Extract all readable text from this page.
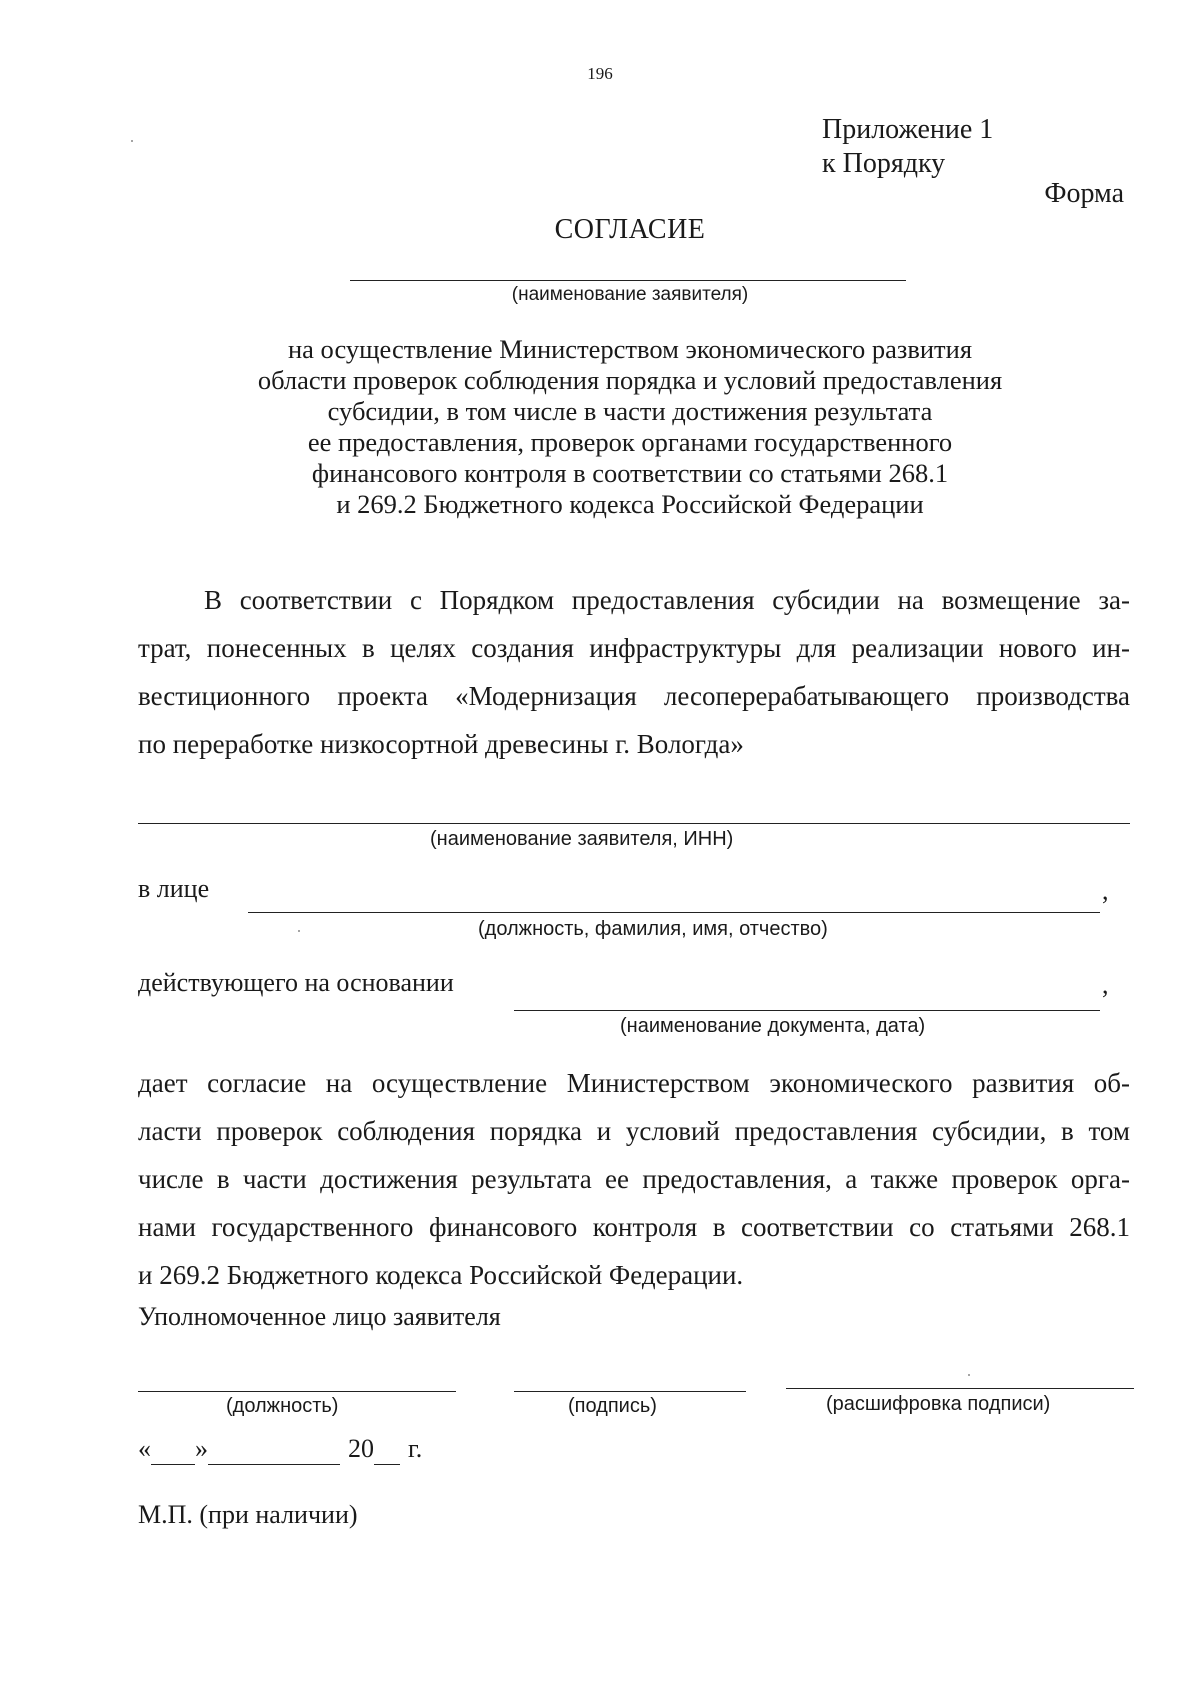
196
Приложение 1
к Порядку
Форма
СОГЛАСИЕ
(наименование заявителя)
на осуществление Министерством экономического развития
области проверок соблюдения порядка и условий предоставления
субсидии, в том числе в части достижения результата
ее предоставления, проверок органами государственного
финансового контроля в соответствии со статьями 268.1
и 269.2 Бюджетного кодекса Российской Федерации
В соответствии с Порядком предоставления субсидии на возмещение за-
трат, понесенных в целях создания инфраструктуры для реализации нового ин-
вестиционного проекта «Модернизация лесоперерабатывающего производства
по переработке низкосортной древесины г. Вологда»
(наименование заявителя, ИНН)
в лице	,
(должность, фамилия, имя, отчество)
действующего на основании	,
(наименование документа, дата)
дает согласие на осуществление Министерством экономического развития об-
ласти проверок соблюдения порядка и условий предоставления субсидии, в том
числе в части достижения результата ее предоставления, а также проверок орга-
нами государственного финансового контроля в соответствии со статьями 268.1
и 269.2 Бюджетного кодекса Российской Федерации.
Уполномоченное лицо заявителя
(должность)	(подпись)	(расшифровка подписи)
« »	20 г.
М.П. (при наличии)
